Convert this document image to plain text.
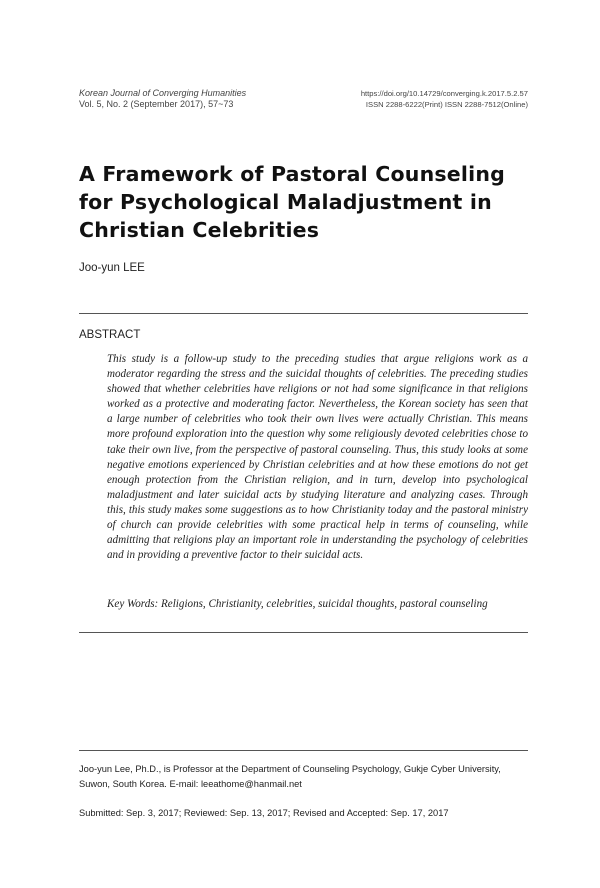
Korean Journal of Converging Humanities
Vol. 5, No. 2 (September 2017), 57~73
https://doi.org/10.14729/converging.k.2017.5.2.57
ISSN 2288-6222(Print) ISSN 2288-7512(Online)
A Framework of Pastoral Counseling for Psychological Maladjustment in Christian Celebrities
Joo-yun LEE
ABSTRACT
This study is a follow-up study to the preceding studies that argue religions work as a moderator regarding the stress and the suicidal thoughts of celebrities. The preceding studies showed that whether celebrities have religions or not had some significance in that religions worked as a protective and moderating factor. Nevertheless, the Korean society has seen that a large number of celebrities who took their own lives were actually Christian. This means more profound exploration into the question why some religiously devoted celebrities chose to take their own live, from the perspective of pastoral counseling. Thus, this study looks at some negative emotions experienced by Christian celebrities and at how these emotions do not get enough protection from the Christian religion, and in turn, develop into psychological maladjustment and later suicidal acts by studying literature and analyzing cases. Through this, this study makes some suggestions as to how Christianity today and the pastoral ministry of church can provide celebrities with some practical help in terms of counseling, while admitting that religions play an important role in understanding the psychology of celebrities and in providing a preventive factor to their suicidal acts.
Key Words: Religions, Christianity, celebrities, suicidal thoughts, pastoral counseling
Joo-yun Lee, Ph.D., is Professor at the Department of Counseling Psychology, Gukje Cyber University, Suwon, South Korea. E-mail: leeathome@hanmail.net
Submitted: Sep. 3, 2017; Reviewed: Sep. 13, 2017; Revised and Accepted: Sep. 17, 2017
